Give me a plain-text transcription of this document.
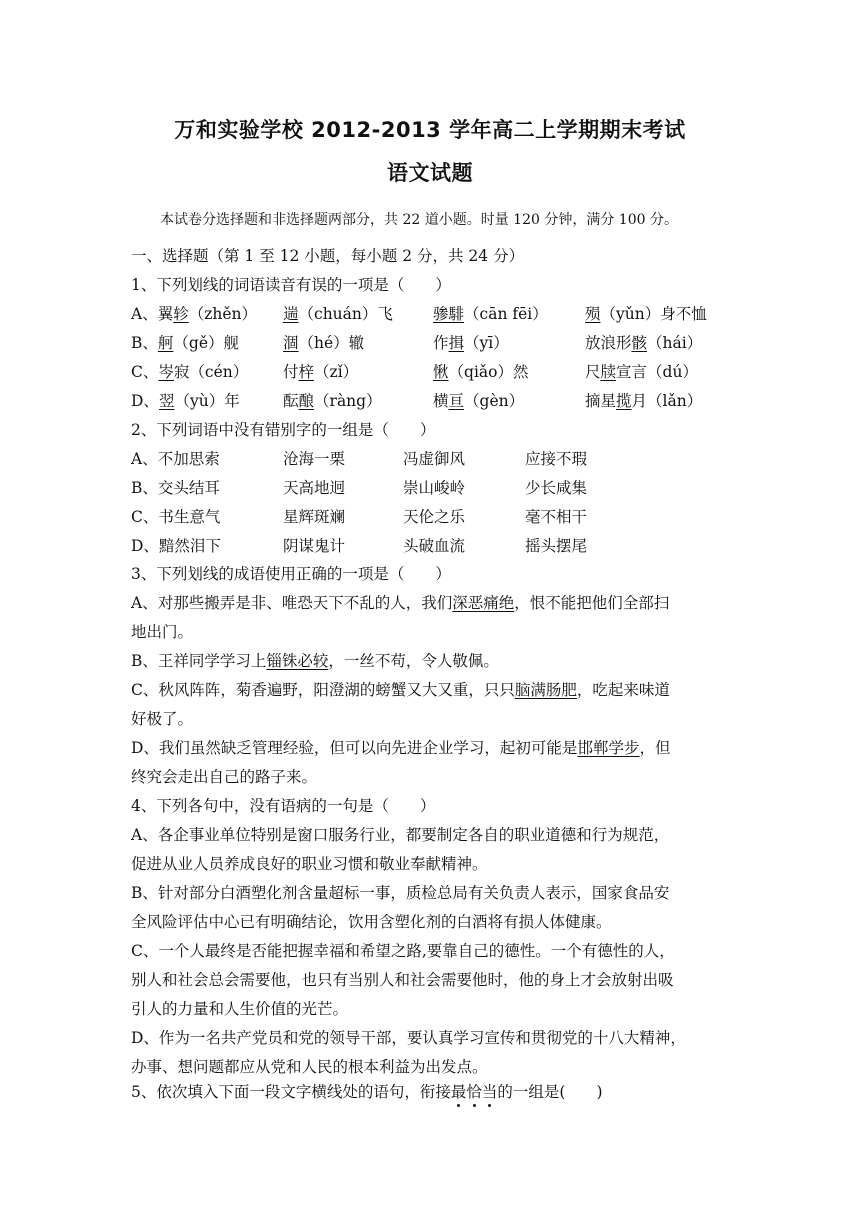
万和实验学校 2012-2013 学年高二上学期期末考试
语文试题
本试卷分选择题和非选择题两部分，共 22 道小题。时量 120 分钟，满分 100 分。
一、选择题（第 1 至 12 小题，每小题 2 分，共 24 分）
1、下列划线的词语读音有误的一项是（　　）
A、翼轸（zhěn） 遄（chuán）飞	骖騑（cān fēi） 殒（yǔn）身不恤
B、舸（gě）舰	涸（hé）辙	作揖（yī）	放浪形骸（hái）
C、岑寂（cén） 付梓（zǐ）	愀（qiǎo）然	尺牍宣言（dú）
D、翌（yù）年	酝酿（ràng）	横亘（gèn）	摘星揽月（lǎn）
2、下列词语中没有错别字的一组是（　　）
A、不加思索	沧海一栗	冯虚御风	应接不瑕
B、交头结耳	天高地迥	崇山峻岭	少长咸集
C、书生意气	星辉斑斓	天伦之乐	毫不相干
D、黯然泪下	阴谋鬼计	头破血流	摇头摆尾
3、下列划线的成语使用正确的一项是（　　）
A、对那些搬弄是非、唯恐天下不乱的人，我们深恶痛绝，恨不能把他们全部扫
地出门。
B、王祥同学学习上锱铢必较，一丝不苟，令人敬佩。
C、秋风阵阵，菊香遍野，阳澄湖的螃蟹又大又重，只只脑满肠肥，吃起来味道
好极了。
D、我们虽然缺乏管理经验，但可以向先进企业学习，起初可能是邯郸学步，但
终究会走出自己的路子来。
4、下列各句中，没有语病的一句是（　　）
A、各企事业单位特别是窗口服务行业，都要制定各自的职业道德和行为规范，
促进从业人员养成良好的职业习惯和敬业奉献精神。
B、针对部分白酒塑化剂含量超标一事，质检总局有关负责人表示，国家食品安
全风险评估中心已有明确结论，饮用含塑化剂的白酒将有损人体健康。
C、一个人最终是否能把握幸福和希望之路,要靠自己的德性。一个有德性的人，
别人和社会总会需要他，也只有当别人和社会需要他时，他的身上才会放射出吸
引人的力量和人生价值的光芒。
D、作为一名共产党员和党的领导干部，要认真学习宣传和贯彻党的十八大精神，
办事、想问题都应从党和人民的根本利益为出发点。
5、依次填入下面一段文字横线处的语句，衔接最恰当的一组是(　　)
